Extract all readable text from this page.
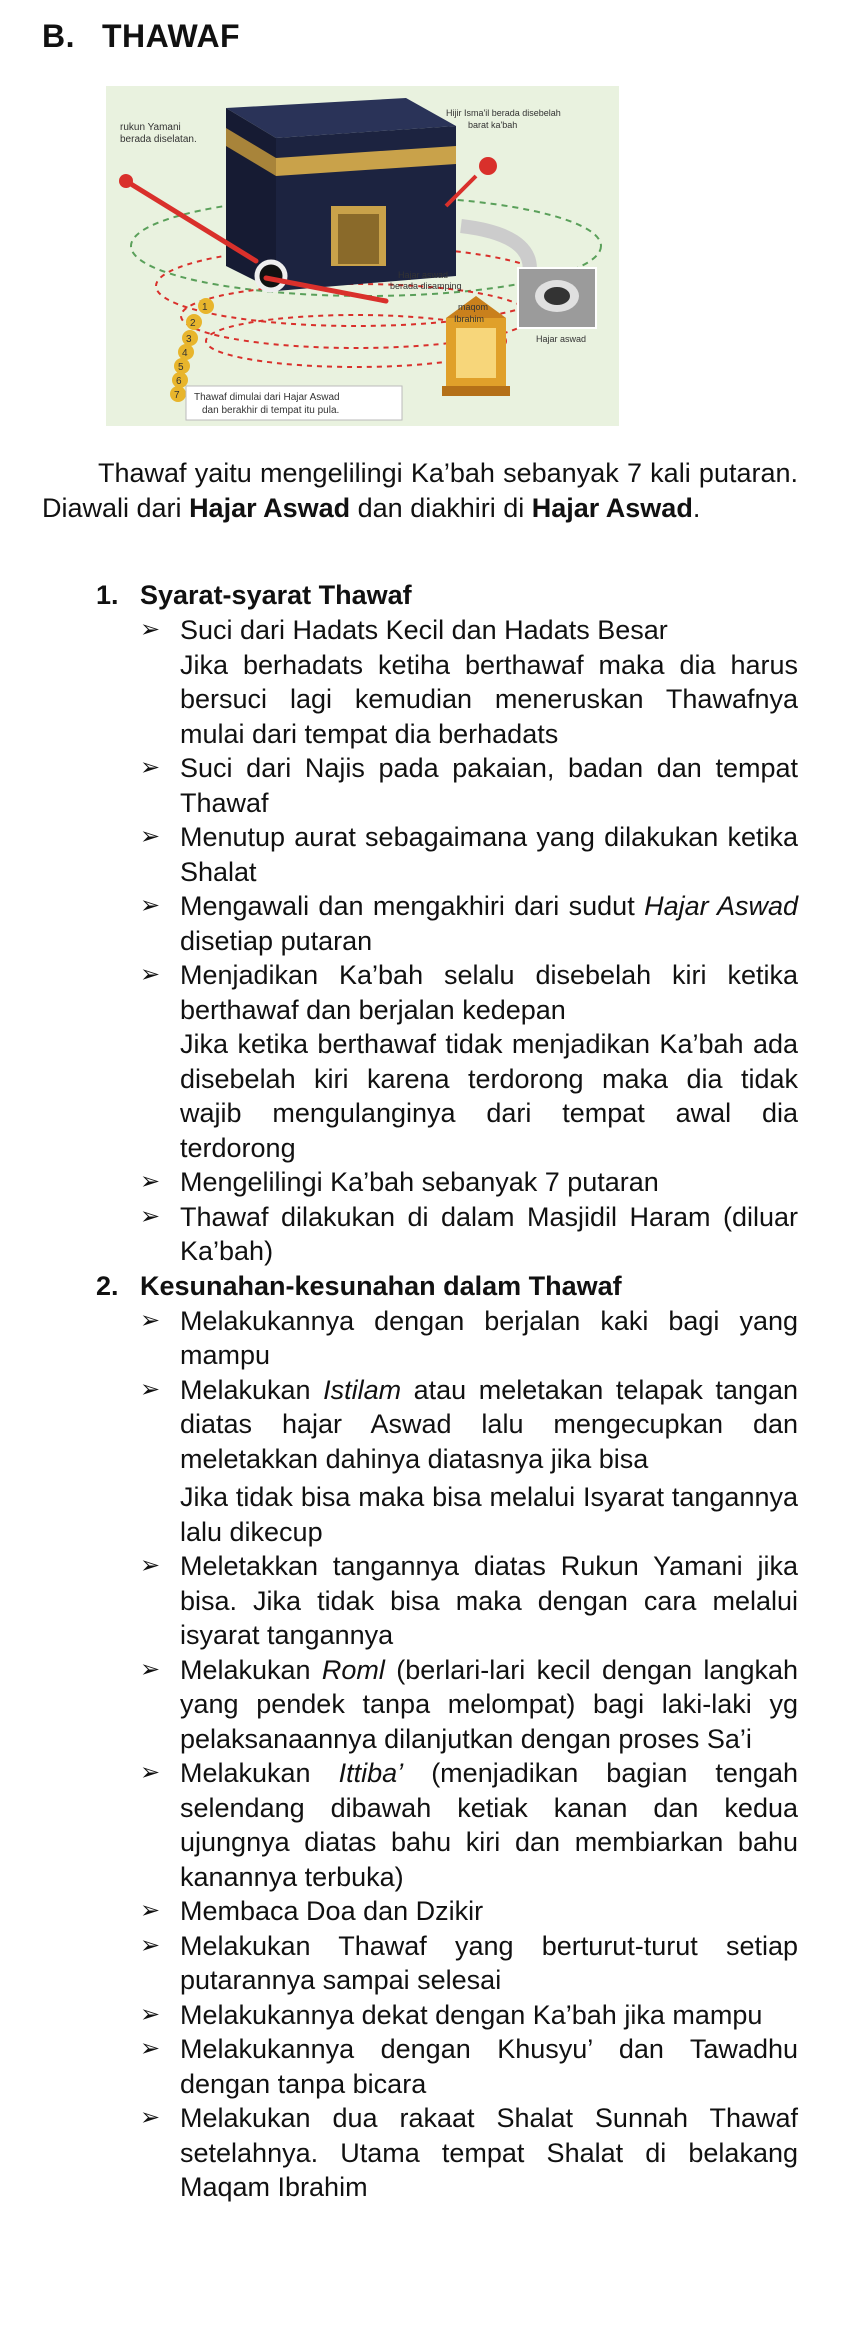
B. THAWAF
1
2
3
4
5
6
7
rukun Yamani
berada diselatan.
Hijir Isma'il berada disebelah
barat ka'bah
Hajar aswad
berada disamping
maqom
Ibrahim
Hajar aswad
Thawaf dimulai dari Hajar Aswad
dan berakhir di tempat itu pula.

Thawaf yaitu mengelilingi Ka’bah sebanyak 7 kali putaran. Diawali dari Hajar Aswad dan diakhiri di Hajar Aswad.

1. Syarat-syarat Thawaf
➢ Suci dari Hadats Kecil dan Hadats Besar
Jika berhadats ketiha berthawaf maka dia harus bersuci lagi kemudian meneruskan Thawafnya mulai dari tempat dia berhadats
➢ Suci dari Najis pada pakaian, badan dan tempat Thawaf
➢ Menutup aurat sebagaimana yang dilakukan ketika Shalat
➢ Mengawali dan mengakhiri dari sudut Hajar Aswad disetiap putaran
➢ Menjadikan Ka’bah selalu disebelah kiri ketika berthawaf dan berjalan kedepan
Jika ketika berthawaf tidak menjadikan Ka’bah ada disebelah kiri karena terdorong maka dia tidak wajib mengulanginya dari tempat awal dia terdorong
➢ Mengelilingi Ka’bah sebanyak 7 putaran
➢ Thawaf dilakukan di dalam Masjidil Haram (diluar Ka’bah)
2. Kesunahan-kesunahan dalam Thawaf
➢ Melakukannya dengan berjalan kaki bagi yang mampu
➢ Melakukan Istilam atau meletakan telapak tangan diatas hajar Aswad lalu mengecupkan dan meletakkan dahinya diatasnya jika bisa
Jika tidak bisa maka bisa melalui Isyarat tangannya lalu dikecup
➢ Meletakkan tangannya diatas Rukun Yamani jika bisa. Jika tidak bisa maka dengan cara melalui isyarat tangannya
➢ Melakukan Roml (berlari-lari kecil dengan langkah yang pendek tanpa melompat) bagi laki-laki yg pelaksanaannya dilanjutkan dengan proses Sa’i
➢ Melakukan Ittiba’ (menjadikan bagian tengah selendang dibawah ketiak kanan dan kedua ujungnya diatas bahu kiri dan membiarkan bahu kanannya terbuka)
➢ Membaca Doa dan Dzikir
➢ Melakukan Thawaf yang berturut-turut setiap putarannya sampai selesai
➢ Melakukannya dekat dengan Ka’bah jika mampu
➢ Melakukannya dengan Khusyu’ dan Tawadhu dengan tanpa bicara
➢ Melakukan dua rakaat Shalat Sunnah Thawaf setelahnya. Utama tempat Shalat di belakang Maqam Ibrahim
